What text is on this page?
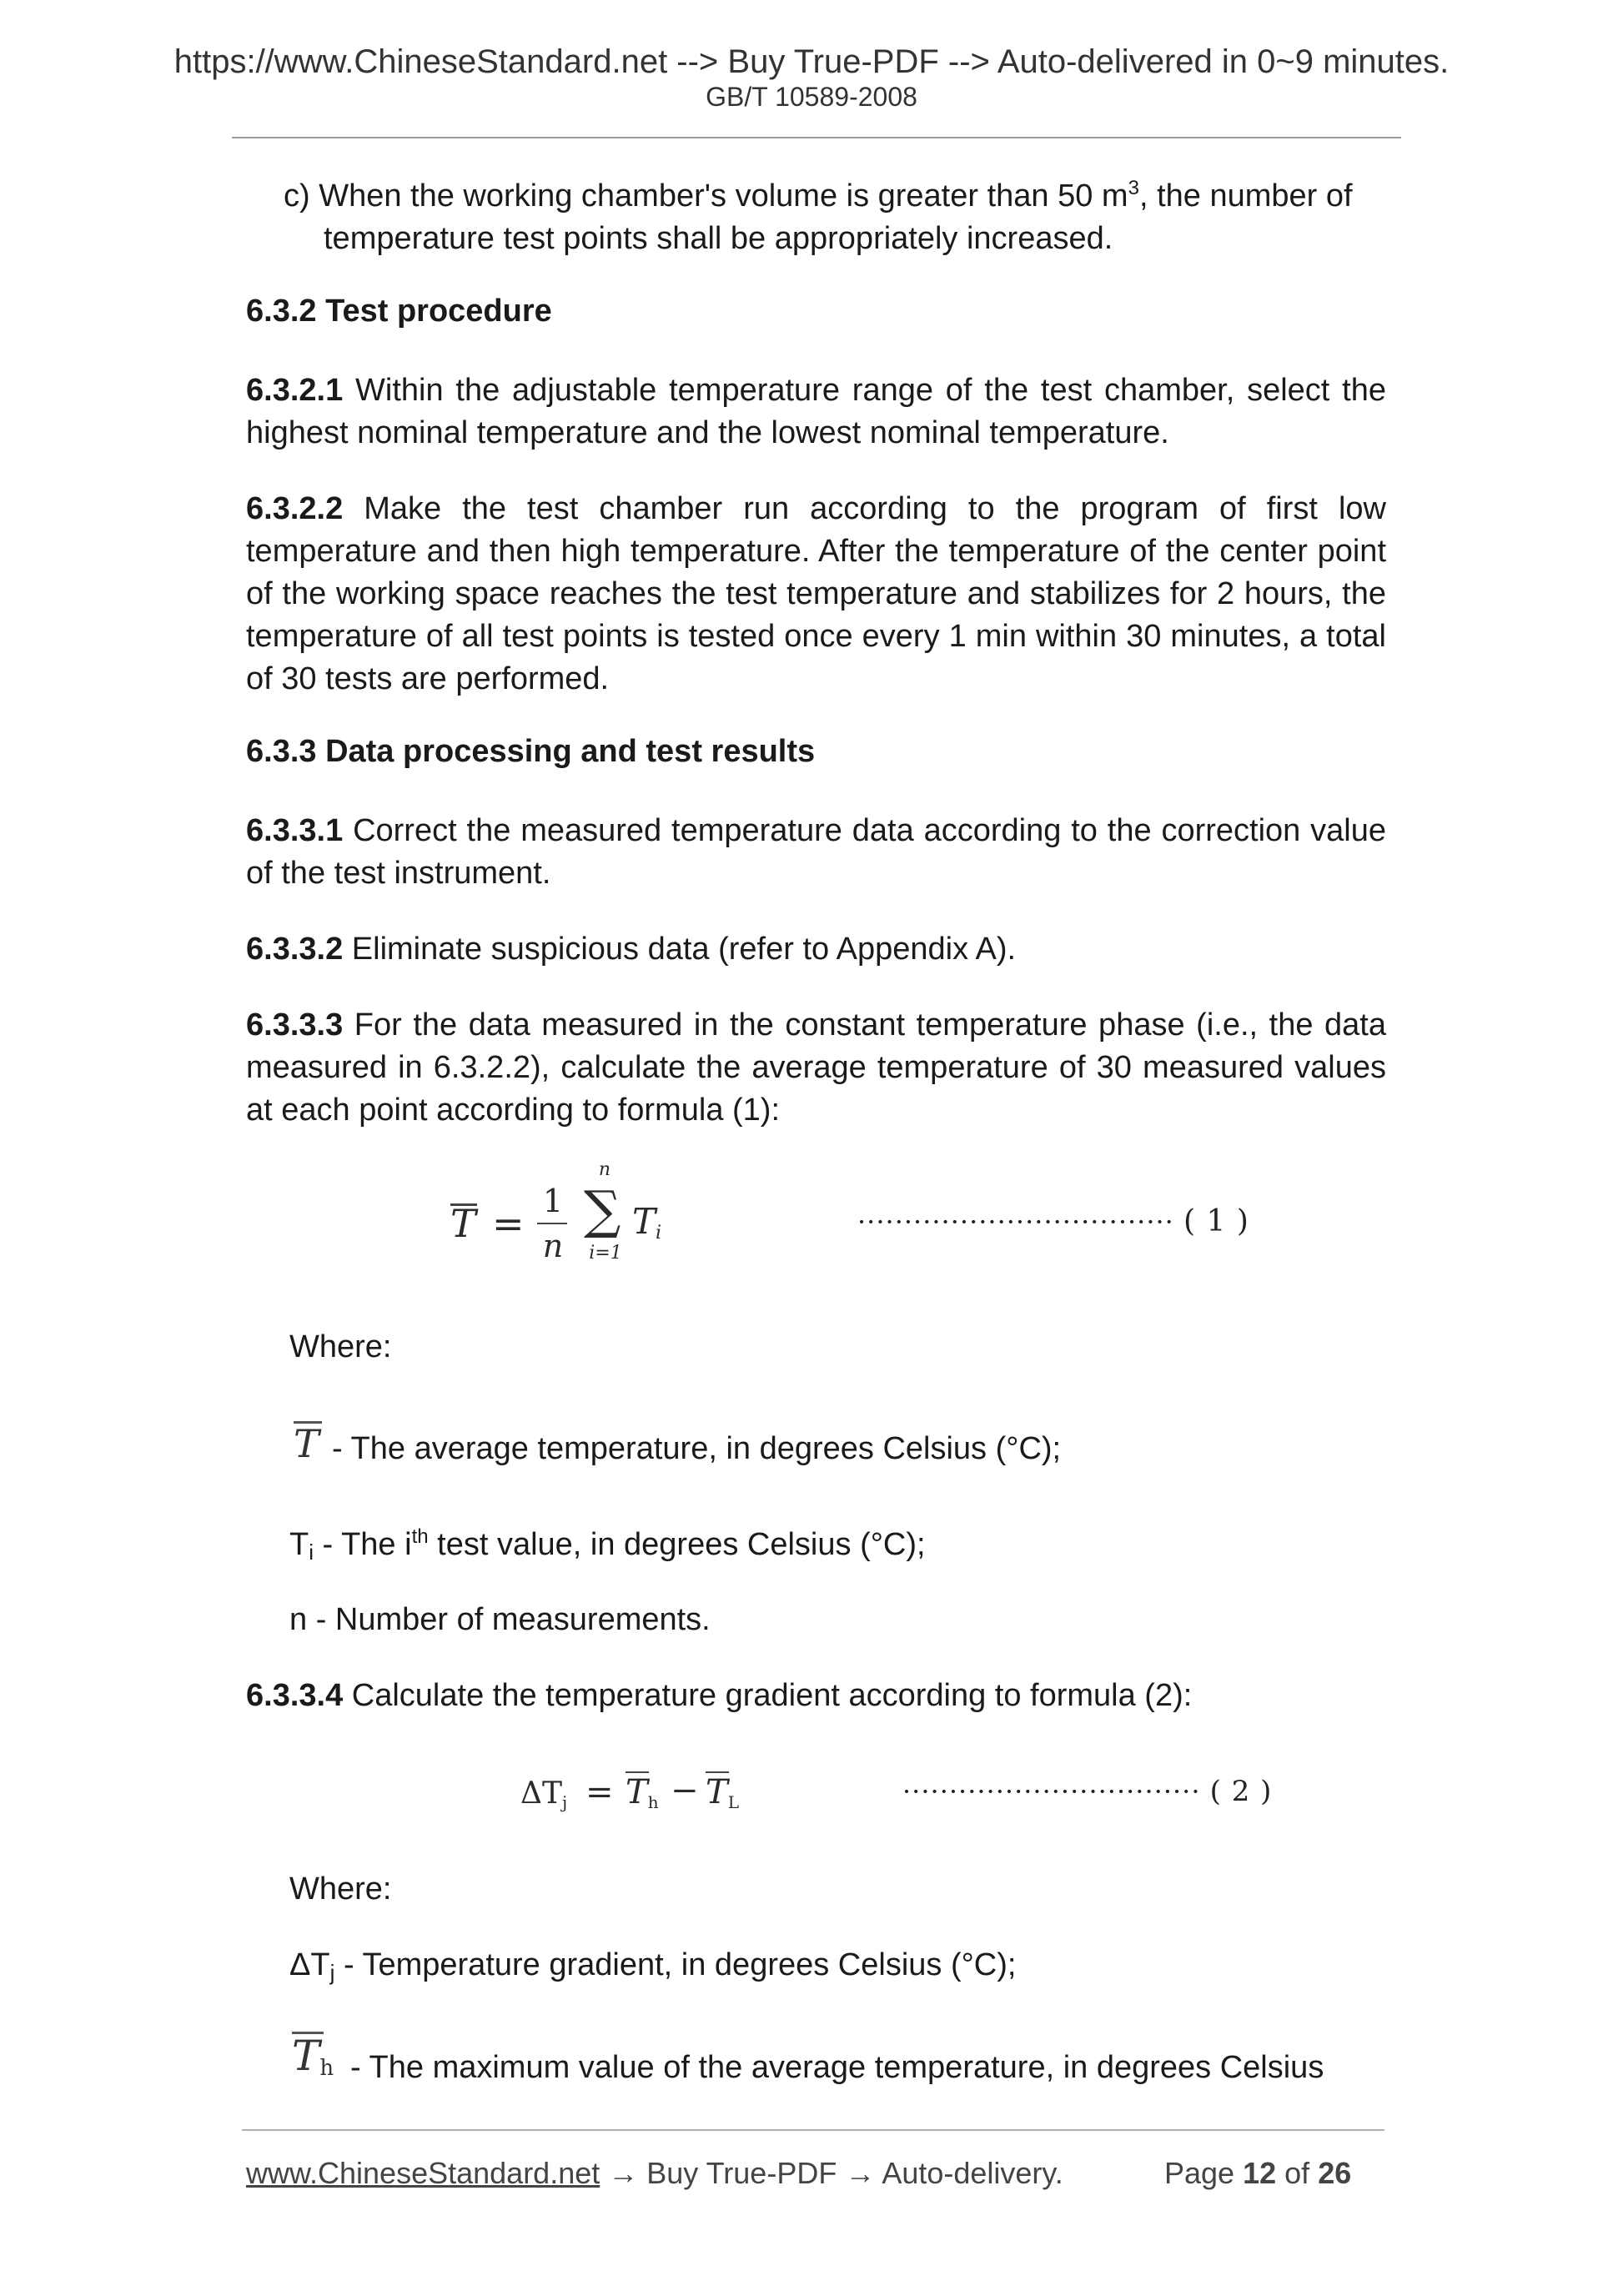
https://www.ChineseStandard.net --> Buy True-PDF --> Auto-delivered in 0~9 minutes.
GB/T 10589-2008
c) When the working chamber's volume is greater than 50 $m^3$, the number of
temperature test points shall be appropriately increased.
6.3.2 Test procedure
6.3.2.1 Within the adjustable temperature range of the test chamber, select the highest nominal temperature and the lowest nominal temperature.
6.3.2.2 Make the test chamber run according to the program of first low temperature and then high temperature. After the temperature of the center point of the working space reaches the test temperature and stabilizes for 2 hours, the temperature of all test points is tested once every 1 min within 30 minutes, a total of 30 tests are performed.
6.3.3 Data processing and test results
6.3.3.1 Correct the measured temperature data according to the correction value of the test instrument.
6.3.3.2 Eliminate suspicious data (refer to Appendix A).
6.3.3.3 For the data measured in the constant temperature phase (i.e., the data measured in 6.3.2.2), calculate the average temperature of 30 measured values at each point according to formula (1):
T = 1
n
n
∑
i=1
$T_i$	·································· ( 1 )
Where:
T - The average temperature, in degrees Celsius (°C);
$T_i$ - The $i^{th}$ test value, in degrees Celsius (°C);
n - Number of measurements.
6.3.3.4 Calculate the temperature gradient according to formula (2):
$\Delta T_j = T_h - T_L$	································ ( 2 )
Where:
$\Delta T_j$ - Temperature gradient, in degrees Celsius (°C);
$T_h$ - The maximum value of the average temperature, in degrees Celsius
www.ChineseStandard.net → Buy True-PDF → Auto-delivery.	Page 12 of 26
